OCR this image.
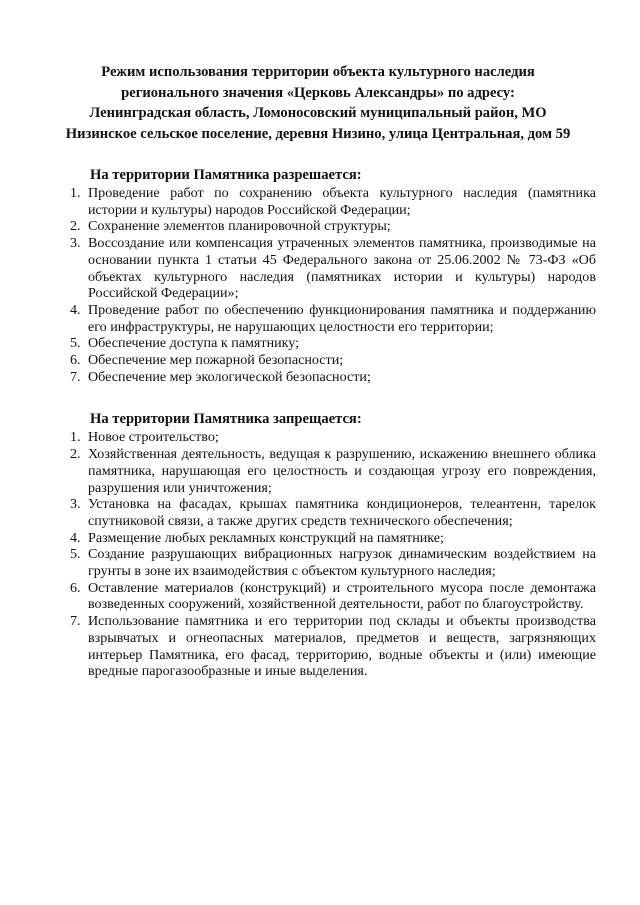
Режим использования территории объекта культурного наследия
регионального значения «Церковь Александры» по адресу:
Ленинградская область, Ломоносовский муниципальный район, МО
Низинское сельское поселение, деревня Низино, улица Центральная, дом 59
На территории Памятника разрешается:
1. Проведение работ по сохранению объекта культурного наследия (памятника истории и культуры) народов Российской Федерации;
2. Сохранение элементов планировочной структуры;
3. Воссоздание или компенсация утраченных элементов памятника, производимые на основании пункта 1 статьи 45 Федерального закона от 25.06.2002 № 73-ФЗ «Об объектах культурного наследия (памятниках истории и культуры) народов Российской Федерации»;
4. Проведение работ по обеспечению функционирования памятника и поддержанию его инфраструктуры, не нарушающих целостности его территории;
5. Обеспечение доступа к памятнику;
6. Обеспечение мер пожарной безопасности;
7. Обеспечение мер экологической безопасности;
На территории Памятника запрещается:
1. Новое строительство;
2. Хозяйственная деятельность, ведущая к разрушению, искажению внешнего облика памятника, нарушающая его целостность и создающая угрозу его повреждения, разрушения или уничтожения;
3. Установка на фасадах, крышах памятника кондиционеров, телеантенн, тарелок спутниковой связи, а также других средств технического обеспечения;
4. Размещение любых рекламных конструкций на памятнике;
5. Создание разрушающих вибрационных нагрузок динамическим воздействием на грунты в зоне их взаимодействия с объектом культурного наследия;
6. Оставление материалов (конструкций) и строительного мусора после демонтажа возведенных сооружений, хозяйственной деятельности, работ по благоустройству.
7. Использование памятника и его территории под склады и объекты производства взрывчатых и огнеопасных материалов, предметов и веществ, загрязняющих интерьер Памятника, его фасад, территорию, водные объекты и (или) имеющие вредные парогазообразные и иные выделения.
